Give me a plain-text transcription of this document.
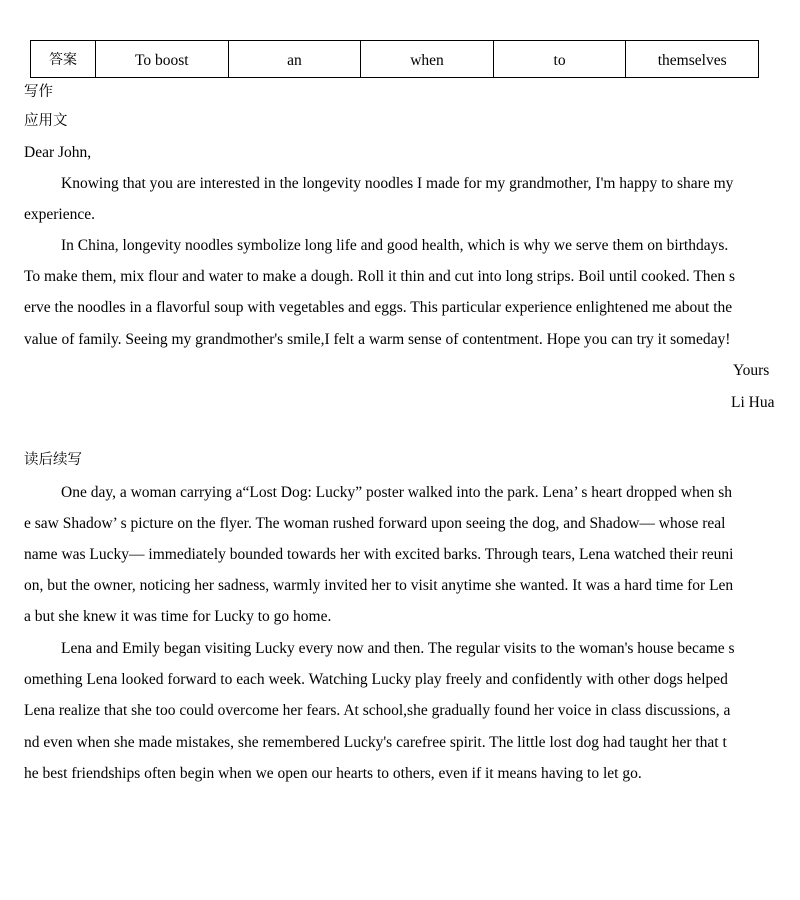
答案	To boost	an	when	to	themselves
写作
应用文
Dear John,
Knowing that you are interested in the longevity noodles I made for my grandmother, I'm happy to share my
experience.
In China, longevity noodles symbolize long life and good health, which is why we serve them on birthdays.
To make them, mix flour and water to make a dough. Roll it thin and cut into long strips. Boil until cooked. Then s
erve the noodles in a flavorful soup with vegetables and eggs. This particular experience enlightened me about the
value of family. Seeing my grandmother's smile,I felt a warm sense of contentment. Hope you can try it someday!
Yours
Li Hua
读后续写
One day, a woman carrying a“Lost Dog: Lucky” poster walked into the park. Lena’ s heart dropped when sh
e saw Shadow’ s picture on the flyer. The woman rushed forward upon seeing the dog, and Shadow— whose real
name was Lucky— immediately bounded towards her with excited barks. Through tears, Lena watched their reuni
on, but the owner, noticing her sadness, warmly invited her to visit anytime she wanted. It was a hard time for Len
a but she knew it was time for Lucky to go home.
Lena and Emily began visiting Lucky every now and then. The regular visits to the woman's house became s
omething Lena looked forward to each week. Watching Lucky play freely and confidently with other dogs helped
Lena realize that she too could overcome her fears. At school,she gradually found her voice in class discussions, a
nd even when she made mistakes, she remembered Lucky's carefree spirit. The little lost dog had taught her that t
he best friendships often begin when we open our hearts to others, even if it means having to let go.
